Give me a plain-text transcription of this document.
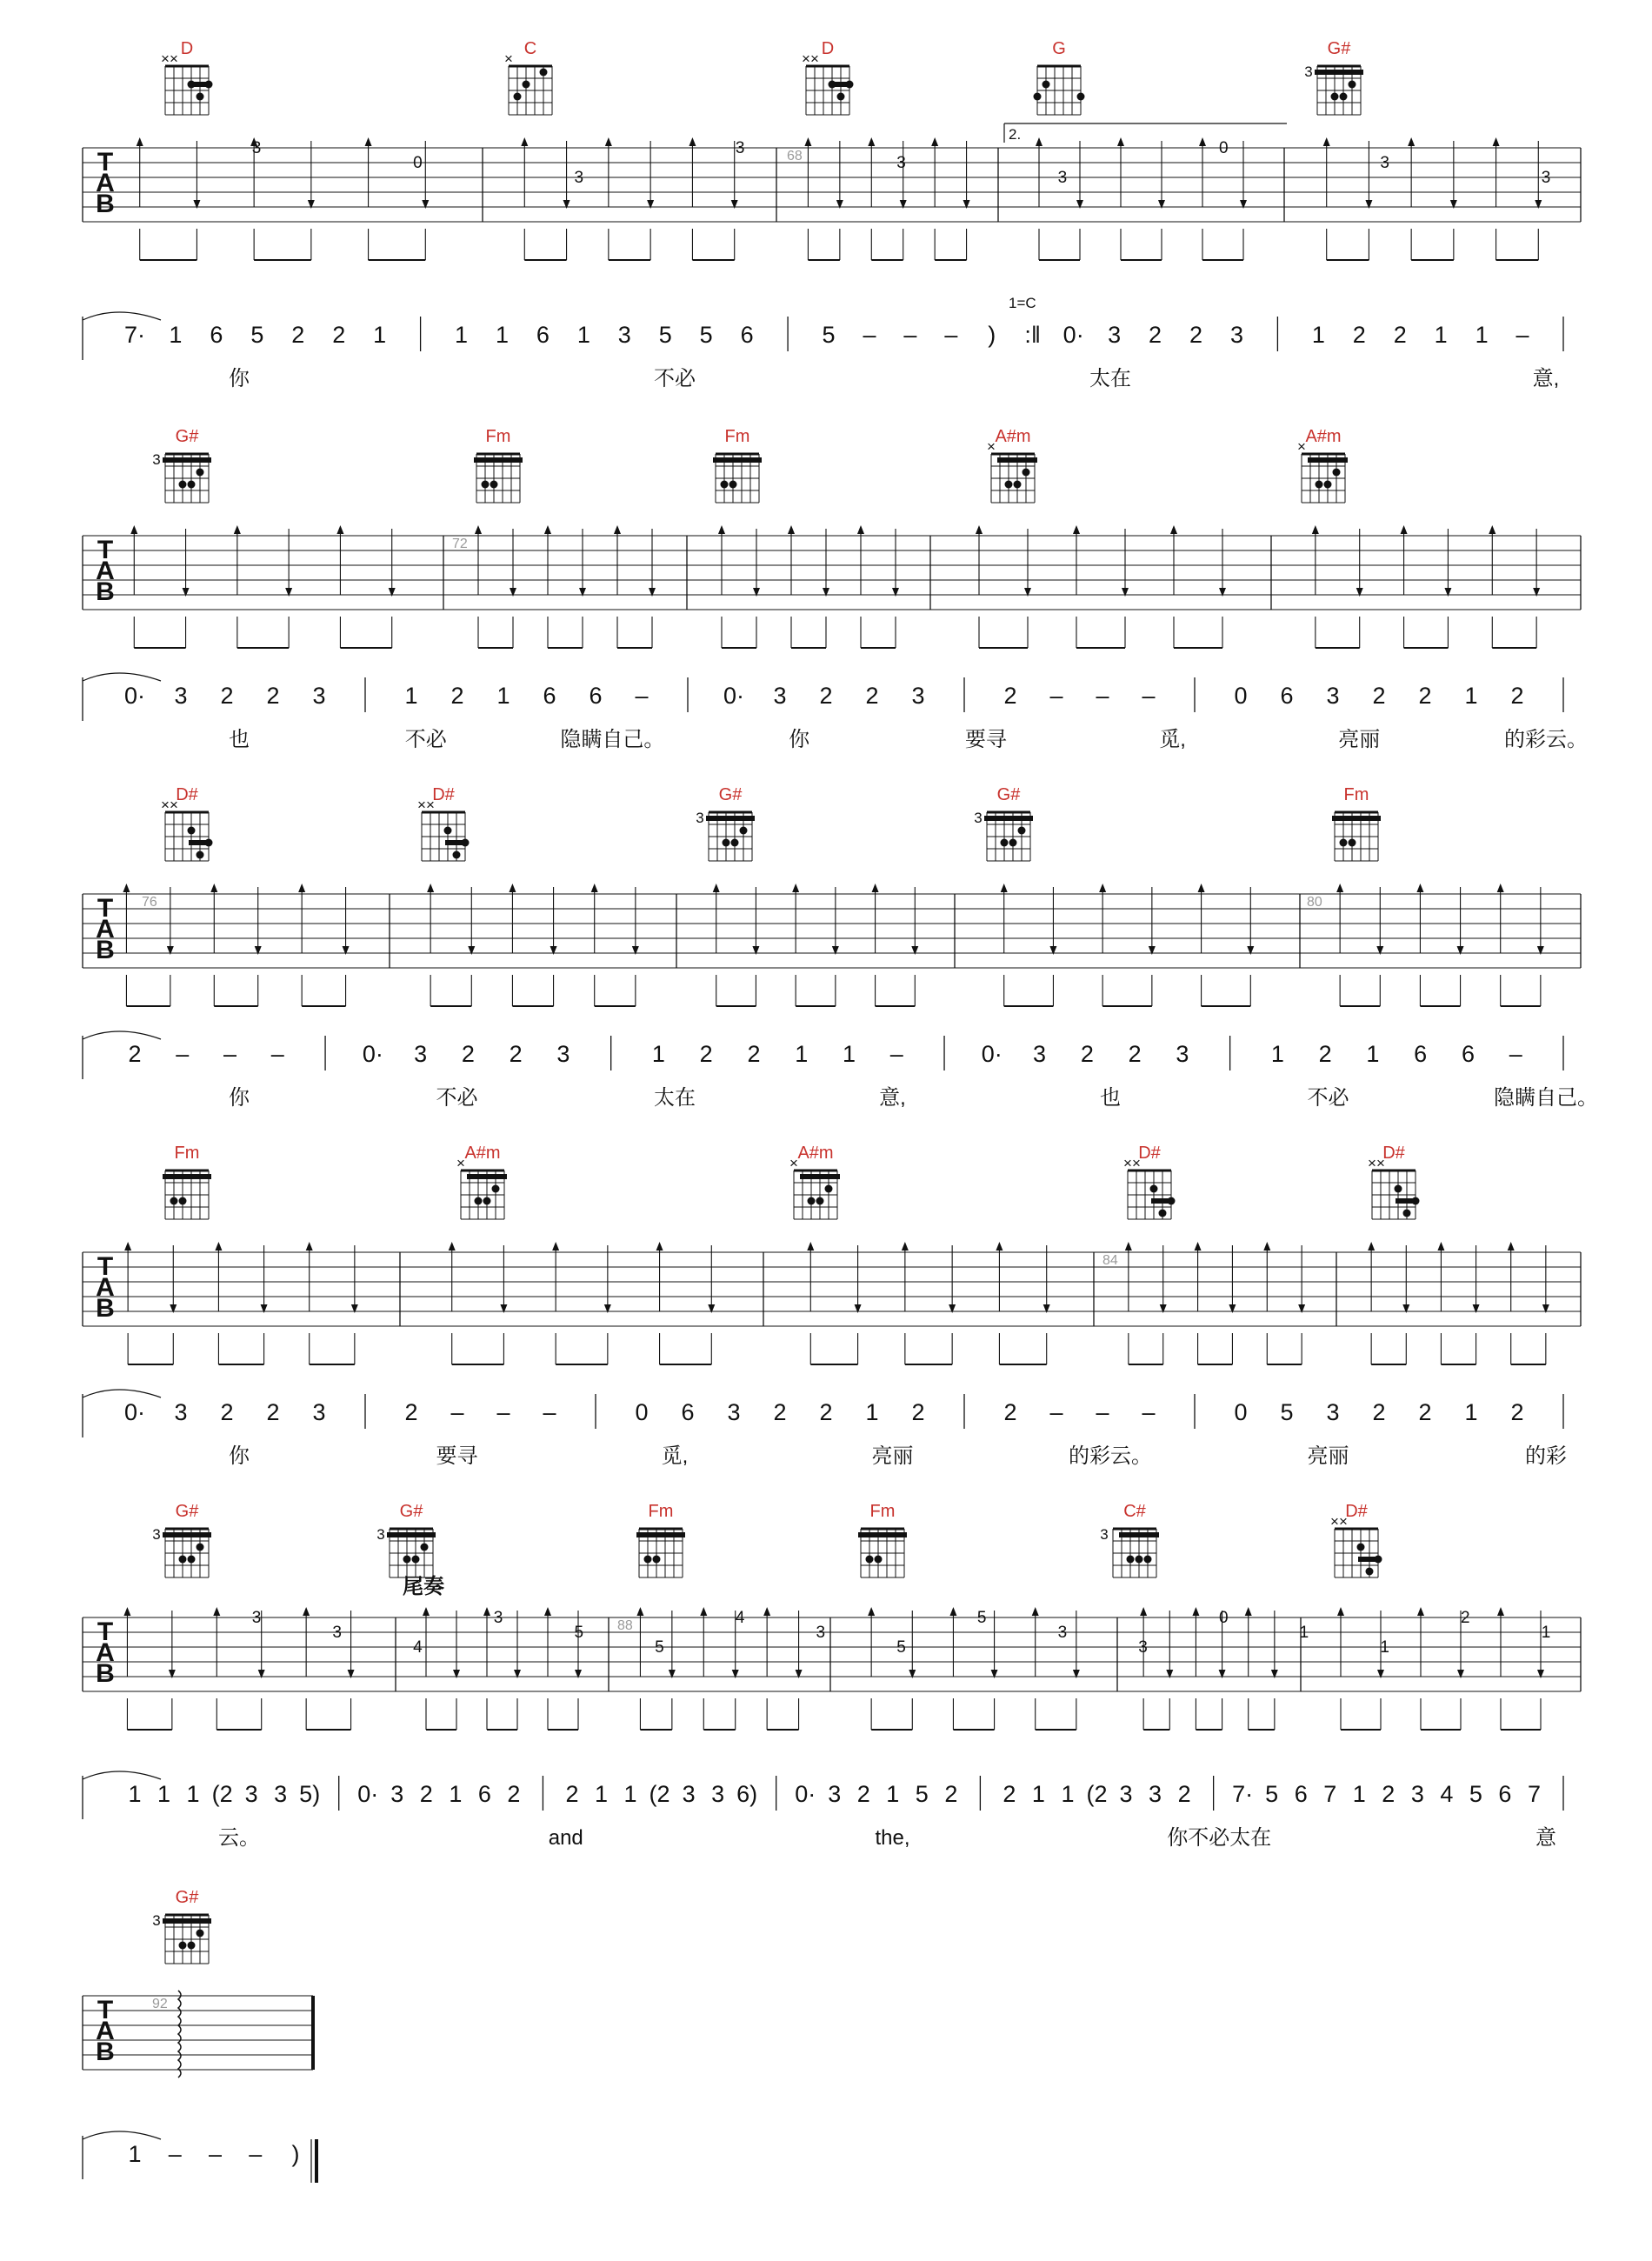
D
× ×
C
×
D
× ×
G	G#
3
T
A
B
68
2.
1=C
3
0
3
3
3
3
0
3
3
7· 1 6 5 2 2 1	1 1 6 1 3 5 5 6	5 – – – ) :‖ 0· 3 2 2 3	1 2 2 1 1 –
你	不必	太在	意,
G#
3
Fm	Fm	A#m
×
A#m
×
T
A
B
72
0· 3 2 2 3	1 2 1 6 6 –	0· 3 2 2 3	2 – – –	0 6 3 2 2 1 2
也	不必	隐瞒自己。	你	要寻	觅,	亮丽	的彩云。
D#
× ×
D#
× ×
G#
3
G#
3
Fm
T
A
B
76	80
2 – – –	0· 3 2 2 3	1 2 2 1 1 –	0· 3 2 2 3	1 2 1 6 6 –
你	不必	太在	意,	也	不必	隐瞒自己。
Fm	A#m
×
A#m
×
D#
× ×
D#
× ×
T
A
B
84
0· 3 2 2 3	2 – – –	0 6 3 2 2 1 2	2 – – –	0 5 3 2 2 1 2
你	要寻	觅,	亮丽	的彩云。	亮丽	的彩
G#
3
G#
3
Fm	Fm	C#
3
D#
× ×
T
A
B
88
尾奏
3
3
4
3
5
5
4
3
5
5
3
3
0
1
1
2
1
1 1 1 (2 3 3 5) 0· 3 2 1 6 2 2 1 1 (2 3 3 6) 0· 3 2 1 5 2 2 1 1 (2 3 3 2 7· 5 6 7 1 2 3 4 5 6 7
云。	and	the,	你不必太在	意
G#
3
T
A
B
92
1 – – – )
